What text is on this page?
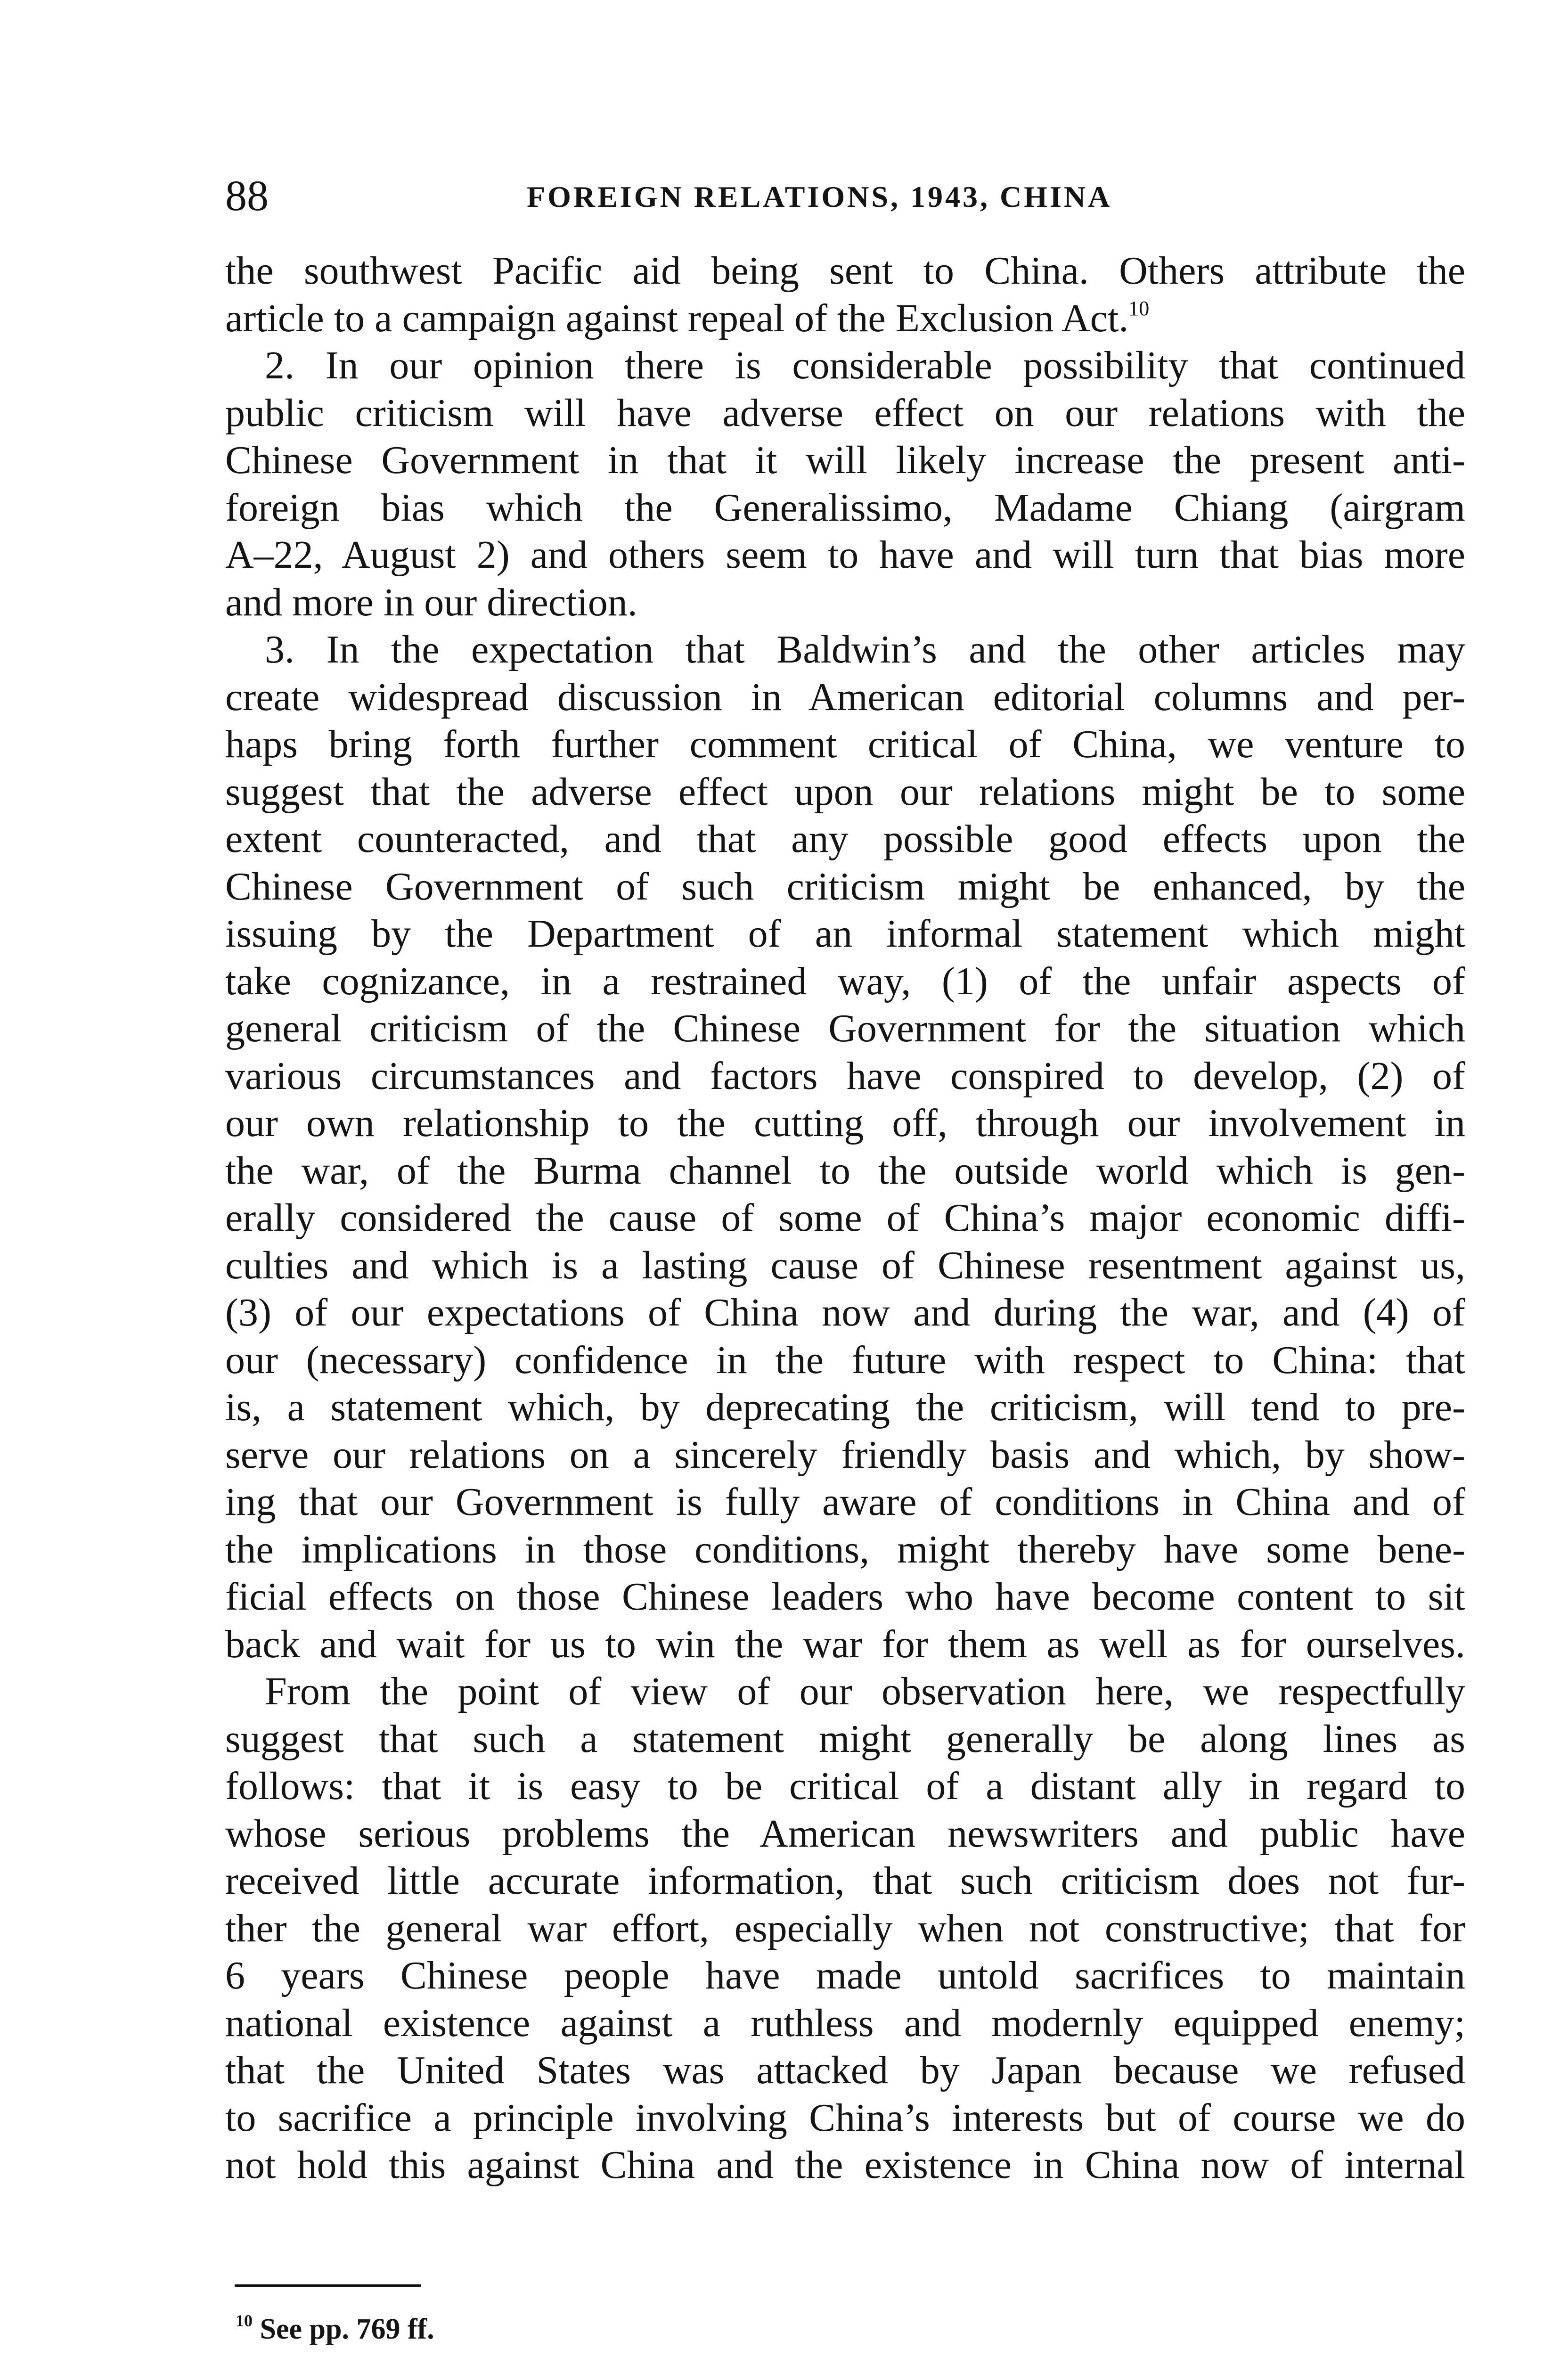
88	FOREIGN RELATIONS, 1943, CHINA
the southwest Pacific aid being sent to China. Others attribute the
article to a campaign against repeal of the Exclusion Act.$^{10}$
2. In our opinion there is considerable possibility that continued
public criticism will have adverse effect on our relations with the
Chinese Government in that it will likely increase the present anti-
foreign bias which the Generalissimo, Madame Chiang (airgram
A–22, August 2) and others seem to have and will turn that bias more
and more in our direction.
3. In the expectation that Baldwin’s and the other articles may
create widespread discussion in American editorial columns and per-
haps bring forth further comment critical of China, we venture to
suggest that the adverse effect upon our relations might be to some
extent counteracted, and that any possible good effects upon the
Chinese Government of such criticism might be enhanced, by the
issuing by the Department of an informal statement which might
take cognizance, in a restrained way, (1) of the unfair aspects of
general criticism of the Chinese Government for the situation which
various circumstances and factors have conspired to develop, (2) of
our own relationship to the cutting off, through our involvement in
the war, of the Burma channel to the outside world which is gen-
erally considered the cause of some of China’s major economic diffi-
culties and which is a lasting cause of Chinese resentment against us,
(3) of our expectations of China now and during the war, and (4) of
our (necessary) confidence in the future with respect to China: that
is, a statement which, by deprecating the criticism, will tend to pre-
serve our relations on a sincerely friendly basis and which, by show-
ing that our Government is fully aware of conditions in China and of
the implications in those conditions, might thereby have some bene-
ficial effects on those Chinese leaders who have become content to sit
back and wait for us to win the war for them as well as for ourselves.
From the point of view of our observation here, we respectfully
suggest that such a statement might generally be along lines as
follows: that it is easy to be critical of a distant ally in regard to
whose serious problems the American newswriters and public have
received little accurate information, that such criticism does not fur-
ther the general war effort, especially when not constructive; that for
6 years Chinese people have made untold sacrifices to maintain
national existence against a ruthless and modernly equipped enemy;
that the United States was attacked by Japan because we refused
to sacrifice a principle involving China’s interests but of course we do
not hold this against China and the existence in China now of internal
$^{10}$ See pp. 769 ff.
